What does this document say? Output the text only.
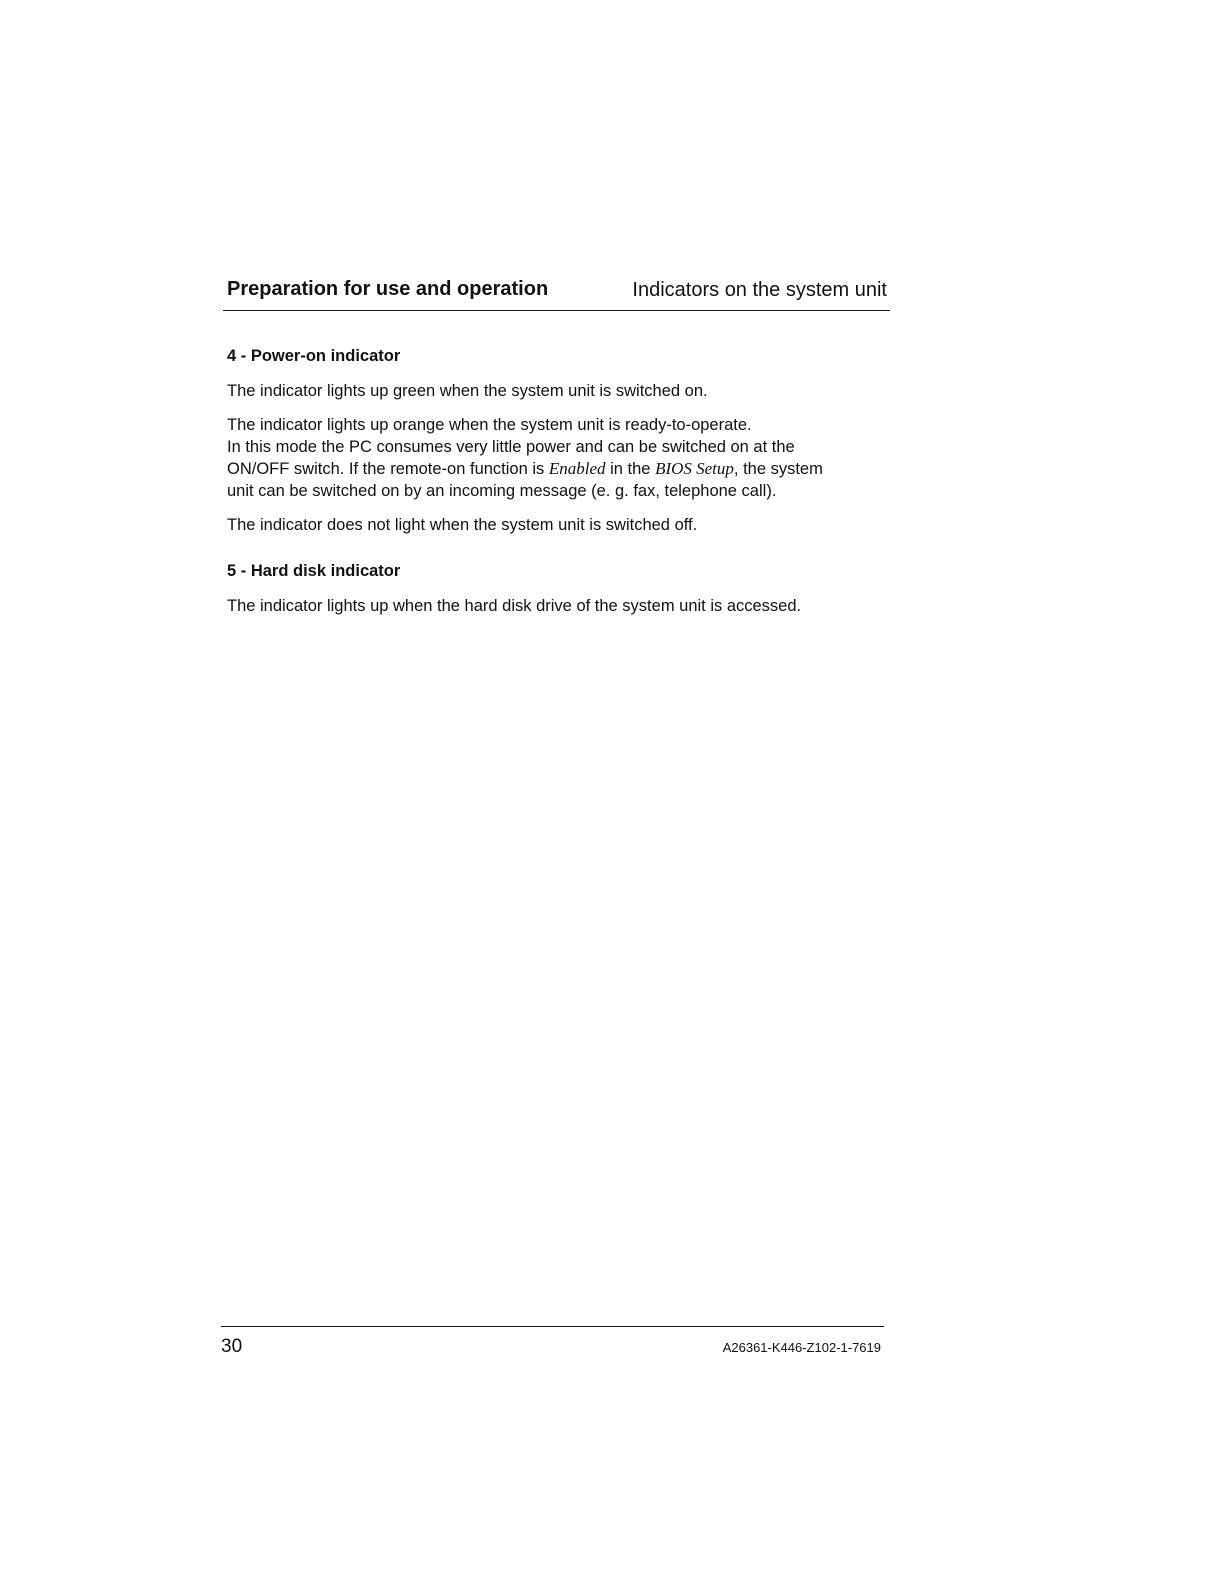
Preparation for use and operation	Indicators on the system unit
4 - Power-on indicator

The indicator lights up green when the system unit is switched on.

The indicator lights up orange when the system unit is ready-to-operate.
In this mode the PC consumes very little power and can be switched on at the
ON/OFF switch. If the remote-on function is Enabled in the BIOS Setup, the system
unit can be switched on by an incoming message (e. g. fax, telephone call).

The indicator does not light when the system unit is switched off.

5 - Hard disk indicator

The indicator lights up when the hard disk drive of the system unit is accessed.

30	A26361-K446-Z102-1-7619
